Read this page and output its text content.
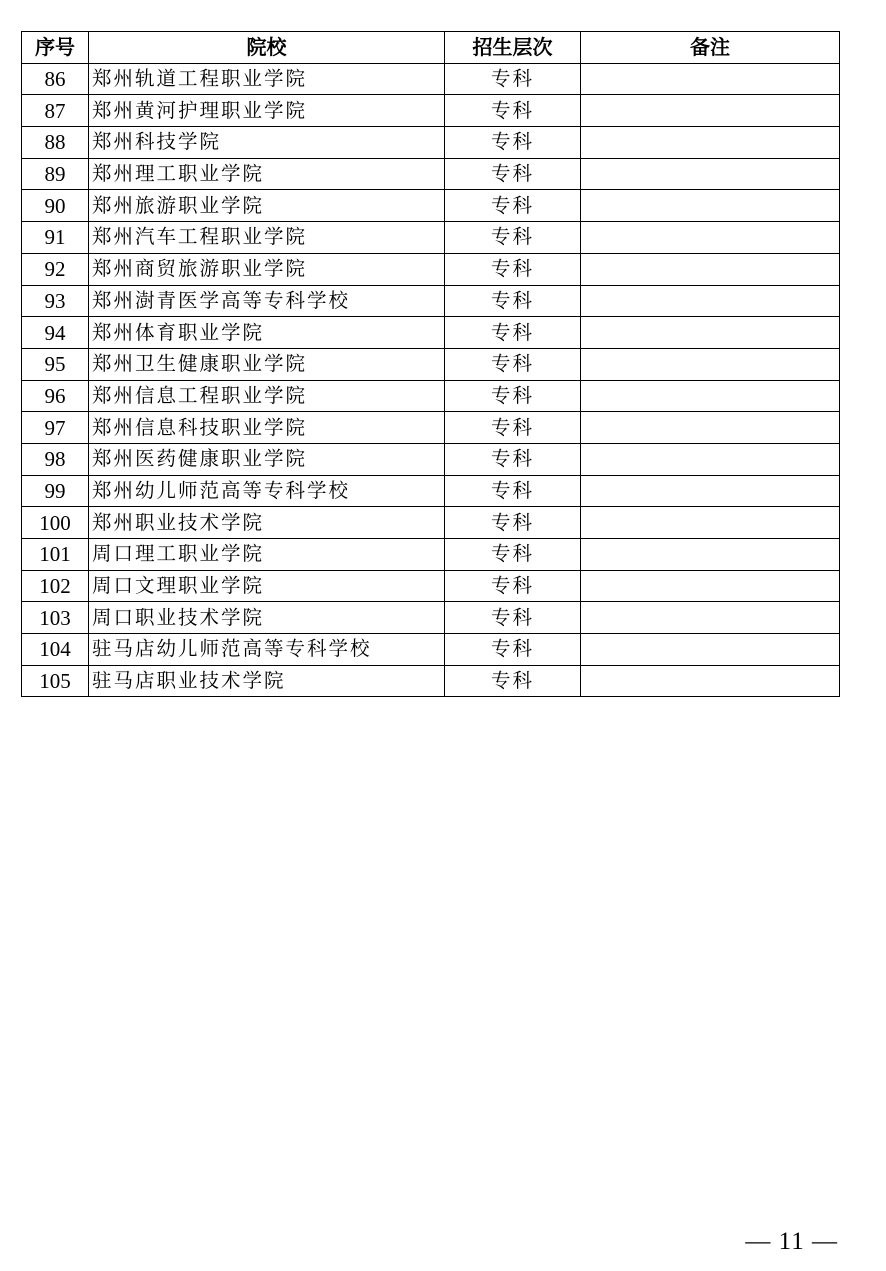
序号	院校	招生层次	备注
86	郑州轨道工程职业学院	专科	
87	郑州黄河护理职业学院	专科	
88	郑州科技学院	专科	
89	郑州理工职业学院	专科	
90	郑州旅游职业学院	专科	
91	郑州汽车工程职业学院	专科	
92	郑州商贸旅游职业学院	专科	
93	郑州澍青医学高等专科学校	专科	
94	郑州体育职业学院	专科	
95	郑州卫生健康职业学院	专科	
96	郑州信息工程职业学院	专科	
97	郑州信息科技职业学院	专科	
98	郑州医药健康职业学院	专科	
99	郑州幼儿师范高等专科学校	专科	
100	郑州职业技术学院	专科	
101	周口理工职业学院	专科	
102	周口文理职业学院	专科	
103	周口职业技术学院	专科	
104	驻马店幼儿师范高等专科学校	专科	
105	驻马店职业技术学院	专科	
— 11 —
